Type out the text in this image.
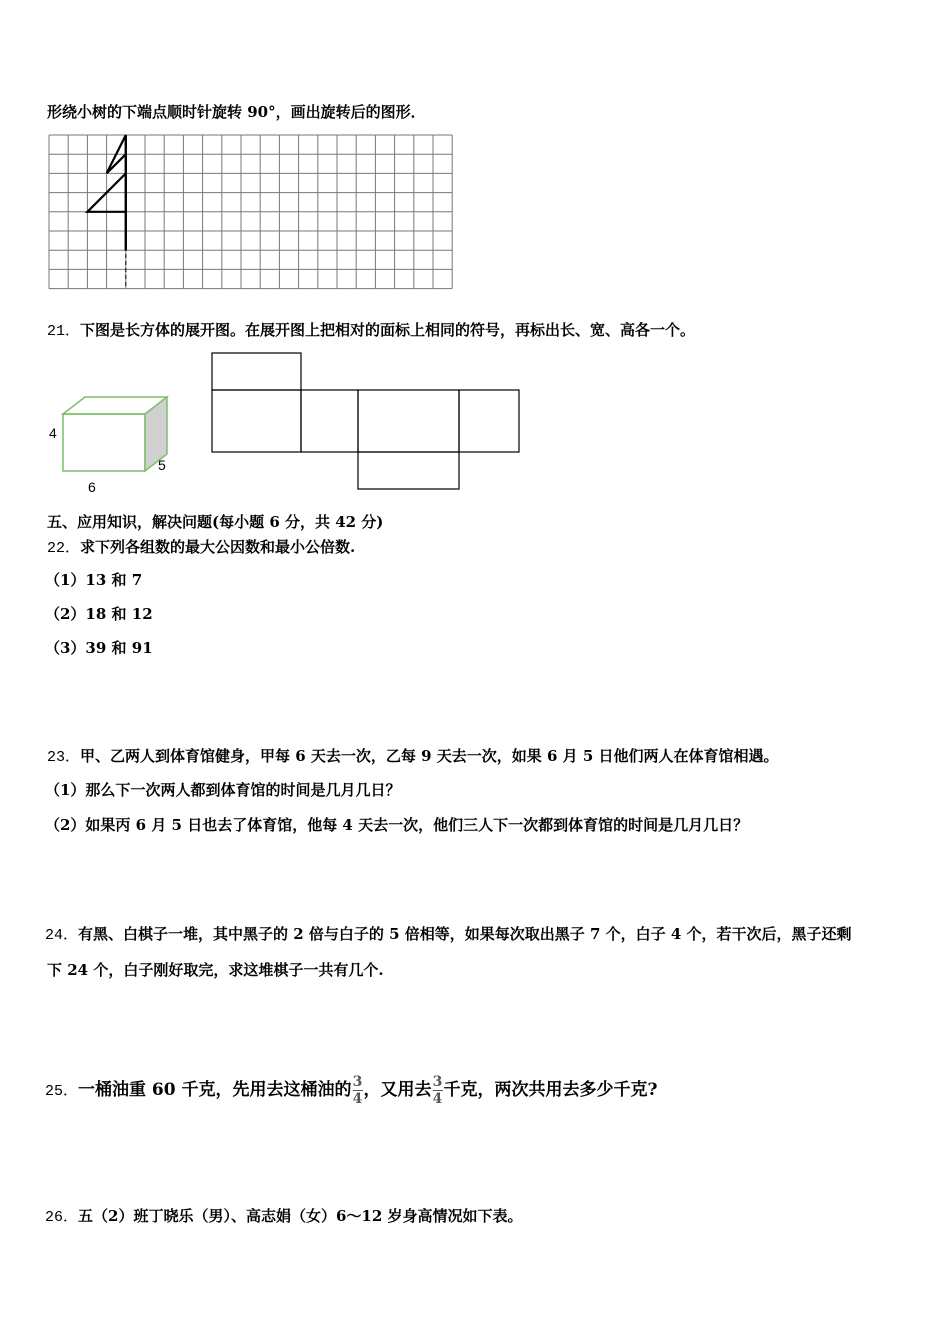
形绕小树的下端点顺时针旋转 90°，画出旋转后的图形．
21．下图是长方体的展开图。在展开图上把相对的面标上相同的符号，再标出长、宽、高各一个。
4
5
6
五、应用知识，解决问题(每小题 6 分，共 42 分)
22．求下列各组数的最大公因数和最小公倍数.
（1）13 和 7
（2）18 和 12
（3）39 和 91
23．甲、乙两人到体育馆健身，甲每 6 天去一次，乙每 9 天去一次，如果 6 月 5 日他们两人在体育馆相遇。
（1）那么下一次两人都到体育馆的时间是几月几日？
（2）如果丙 6 月 5 日也去了体育馆，他每 4 天去一次，他们三人下一次都到体育馆的时间是几月几日？
24．有黑、白棋子一堆，其中黑子的 2 倍与白子的 5 倍相等，如果每次取出黑子 7 个，白子 4 个，若干次后，黑子还剩
下 24 个，白子刚好取完，求这堆棋子一共有几个.
25．一桶油重 60 千克，先用去这桶油的 $\frac{3}{4}$ ，又用去 $\frac{3}{4}$ 千克，两次共用去多少千克?
26．五（2）班丁晓乐（男）、高志娟（女）6～12 岁身高情况如下表。
